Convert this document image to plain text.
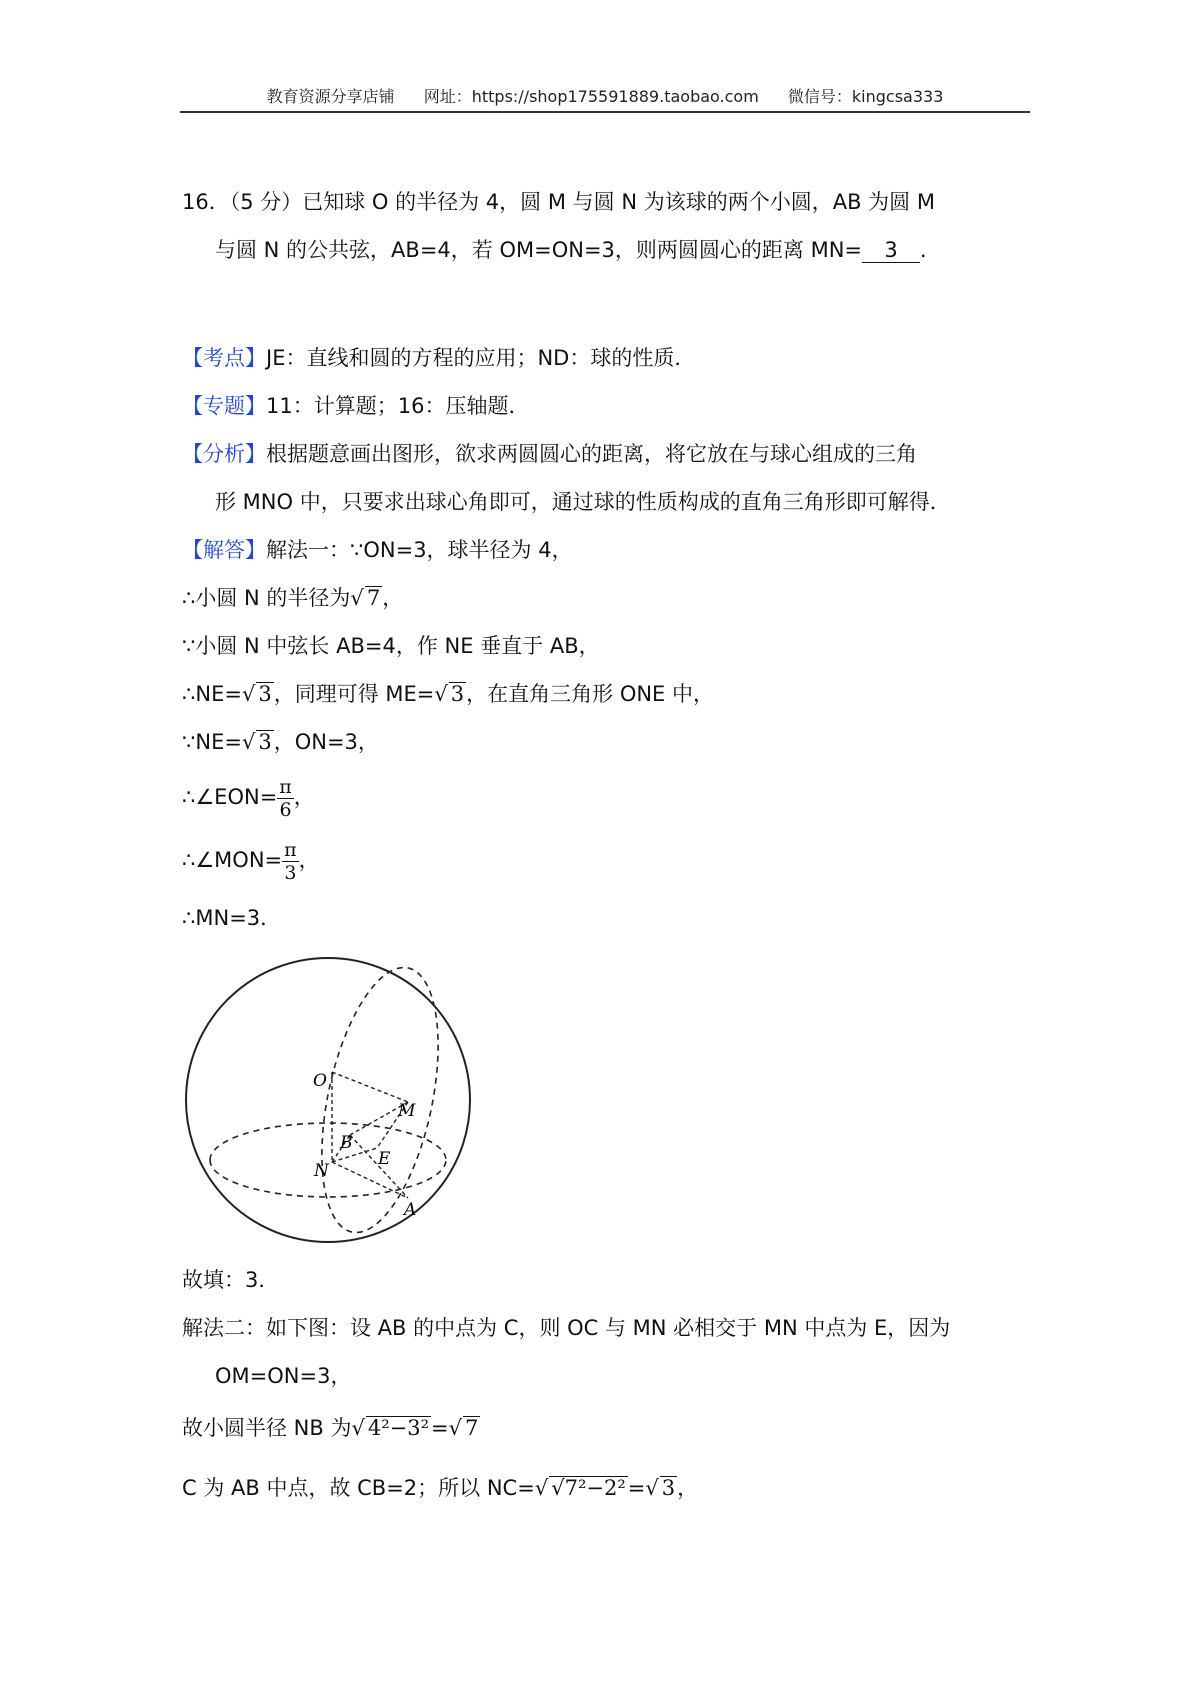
教育资源分享店铺 网址：https://shop175591889.taobao.com 微信号：kingcsa333
16．（5 分）已知球 O 的半径为 4，圆 M 与圆 N 为该球的两个小圆，AB 为圆 M
与圆 N 的公共弦，AB=4，若 OM=ON=3，则两圆圆心的距离 MN= 3 ．
【考点】JE：直线和圆的方程的应用；ND：球的性质．
【专题】11：计算题；16：压轴题．
【分析】根据题意画出图形，欲求两圆圆心的距离，将它放在与球心组成的三角
形 MNO 中，只要求出球心角即可，通过球的性质构成的直角三角形即可解得．
【解答】解法一：∵ON=3，球半径为 4，
∴小圆 N 的半径为√ 7，
∵小圆 N 中弦长 AB=4，作 NE 垂直于 AB，
∴NE=√ 3，同理可得 ME=√ 3，在直角三角形 ONE 中，
∵NE=√ 3，ON=3，
∴∠EON= $\frac{\pi}{6}$ ，
∴∠MON= $\frac{\pi}{3}$ ，
∴MN=3．
O
M
B
E
N
A
故填：3．
解法二：如下图：设 AB 的中点为 C，则 OC 与 MN 必相交于 MN 中点为 E，因为
OM=ON=3，
故小圆半径 NB 为√ 4²−3²=√ 7
C 为 AB 中点，故 CB=2；所以 NC=√ √7²−2²=√ 3，
